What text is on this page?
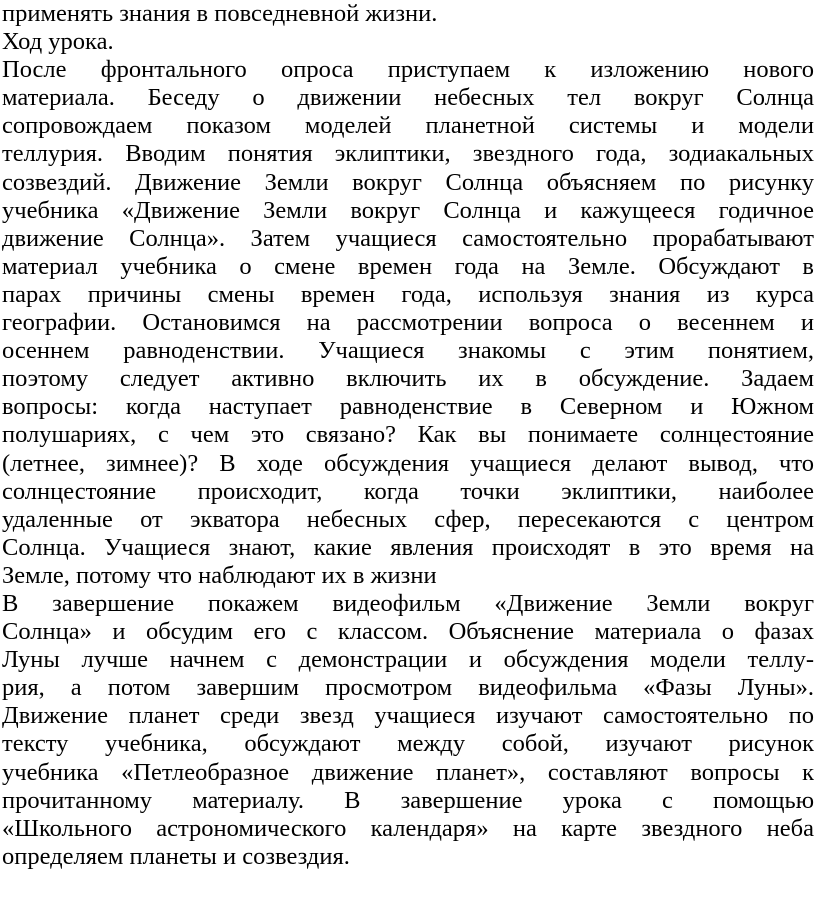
применять знания в повседневной жизни.
Ход урока.
После фронтального опроса приступаем к изложению нового
материала. Беседу о движении небесных тел вокруг Солнца
сопровождаем показом моделей планетной системы и модели
теллурия. Вводим понятия эклиптики, звездного года, зодиакальных
созвездий. Движение Земли вокруг Солнца объясняем по рисунку
учебника «Движение Земли вокруг Солнца и кажущееся годичное
движение Солнца». Затем учащиеся самостоятельно прорабатывают
материал учебника о смене времен года на Земле. Обсуждают в
парах причины смены времен года, используя знания из курса
географии. Остановимся на рассмотрении вопроса о весеннем и
осеннем равноденствии. Учащиеся знакомы с этим понятием,
поэтому следует активно включить их в обсуждение. Задаем
вопросы: когда наступает равноденствие в Северном и Южном
полушариях, с чем это связано? Как вы понимаете солнцестояние
(летнее, зимнее)? В ходе обсуждения учащиеся делают вывод, что
солнцестояние происходит, когда точки эклиптики, наиболее
удаленные от экватора небесных сфер, пересекаются с центром
Солнца. Учащиеся знают, какие явления происходят в это время на
Земле, потому что наблюдают их в жизни
В завершение покажем видеофильм «Движение Земли вокруг
Солнца» и обсудим его с классом. Объяснение материала о фазах
Луны лучше начнем с демонстрации и обсуждения модели теллу-
рия, а потом завершим просмотром видеофильма «Фазы Луны».
Движение планет среди звезд учащиеся изучают самостоятельно по
тексту учебника, обсуждают между собой, изучают рисунок
учебника «Петлеобразное движение планет», составляют вопросы к
прочитанному материалу. В завершение урока с помощью
«Школьного астрономического календаря» на карте звездного неба
определяем планеты и созвездия.
